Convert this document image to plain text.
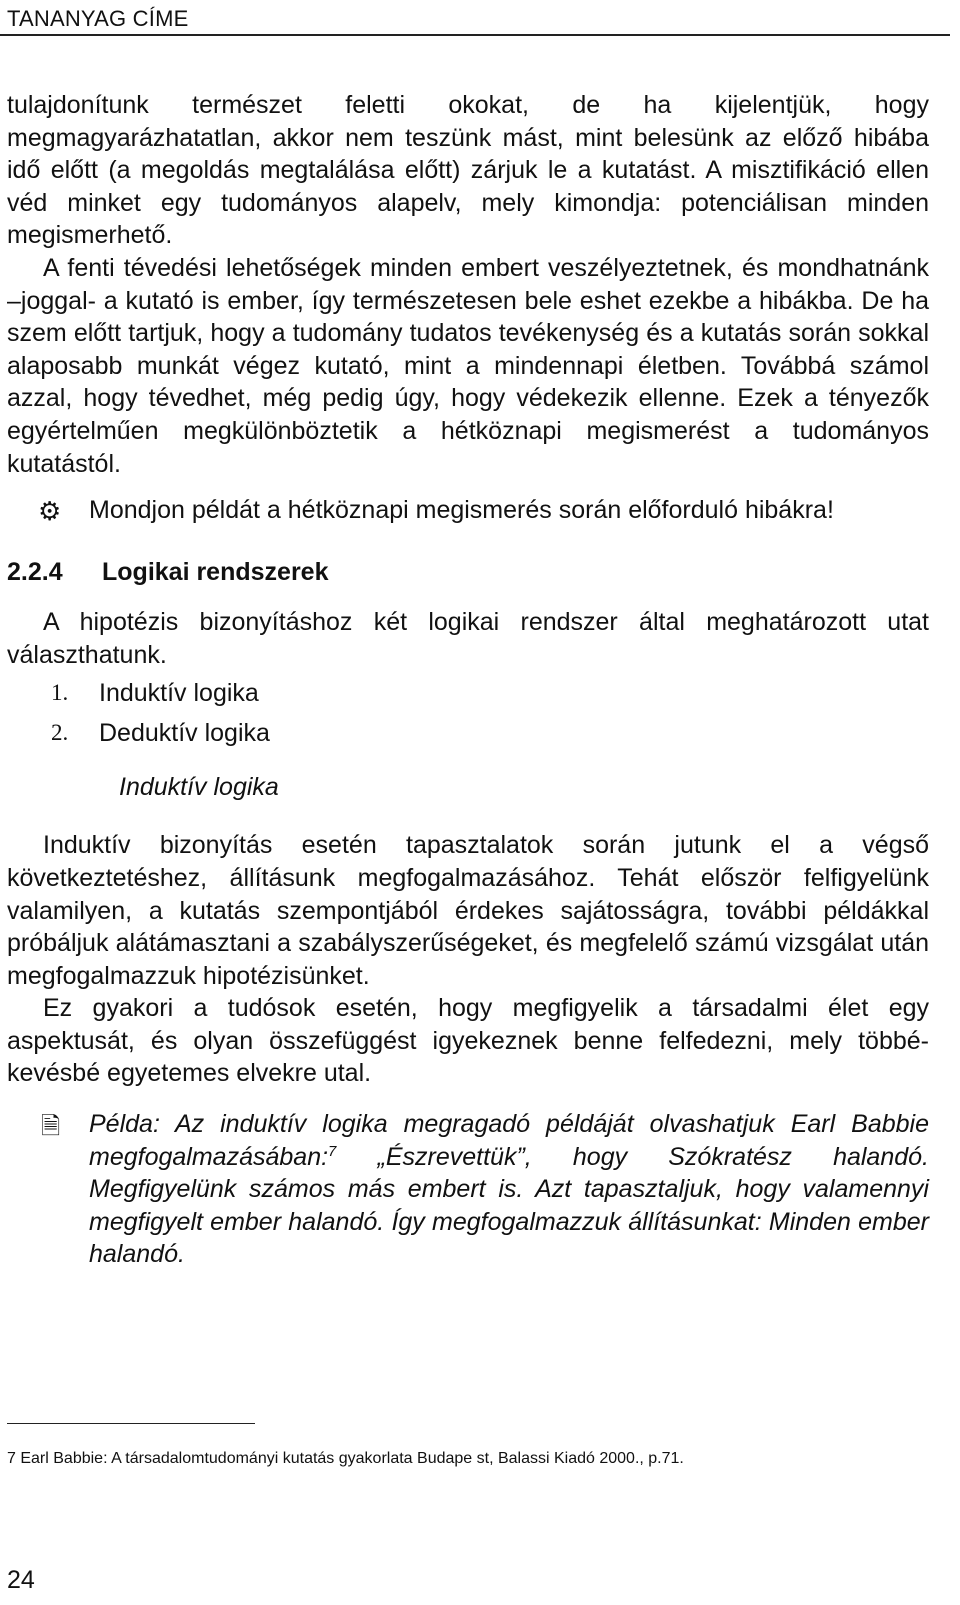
TANANYAG CÍME

tulajdonítunk természet feletti okokat, de ha kijelentjük, hogy megmagyarázhatatlan, akkor nem teszünk mást, mint belesünk az előző hibába idő előtt (a megoldás megtalálása előtt) zárjuk le a kutatást. A misztifikáció ellen véd minket egy tudományos alapelv, mely kimondja: potenciálisan minden megismerhető.

A fenti tévedési lehetőségek minden embert veszélyeztetnek, és mondhatnánk –joggal- a kutató is ember, így természetesen bele eshet ezekbe a hibákba. De ha szem előtt tartjuk, hogy a tudomány tudatos tevékenység és a kutatás során sokkal alaposabb munkát végez kutató, mint a mindennapi életben. Továbbá számol azzal, hogy tévedhet, még pedig úgy, hogy védekezik ellenne. Ezek a tényezők egyértelműen megkülönböztetik a hétköznapi megismerést a tudományos kutatástól.

⚙ Mondjon példát a hétköznapi megismerés során előforduló hibákra!
2.2.4 Logikai rendszerek

A hipotézis bizonyításhoz két logikai rendszer által meghatározott utat választhatunk.

1. Induktív logika
2. Deduktív logika
Induktív logika

Induktív bizonyítás esetén tapasztalatok során jutunk el a végső következtetéshez, állításunk megfogalmazásához. Tehát először felfigyelünk valamilyen, a kutatás szempontjából érdekes sajátosságra, további példákkal próbáljuk alátámasztani a szabályszerűségeket, és megfelelő számú vizsgálat után megfogalmazzuk hipotézisünket.

Ez gyakori a tudósok esetén, hogy megfigyelik a társadalmi élet egy aspektusát, és olyan összefüggést igyekeznek benne felfedezni, mely többé-kevésbé egyetemes elvekre utal.

🗎 Példa: Az induktív logika megragadó példáját olvashatjuk Earl Babbie megfogalmazásában:$^7$ „Észrevettük”, hogy Szókratész halandó. Megfigyelünk számos más embert is. Azt tapasztaljuk, hogy valamennyi megfigyelt ember halandó. Így megfogalmazzuk állításunkat: Minden ember halandó.
7 Earl Babbie: A társadalomtudományi kutatás gyakorlata Budape st, Balassi Kiadó 2000., p.71.
24
